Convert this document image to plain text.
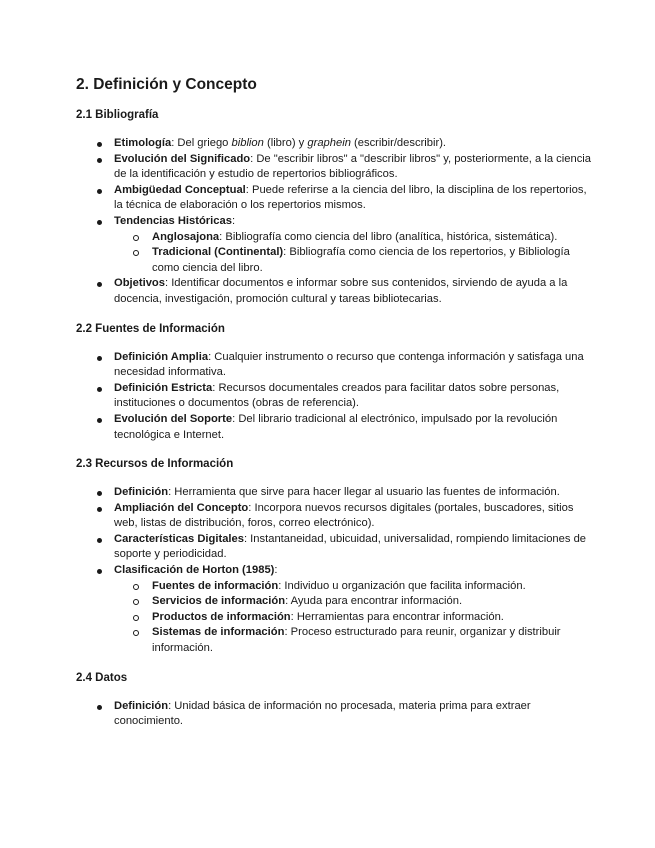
2. Definición y Concepto
2.1 Bibliografía
Etimología: Del griego biblion (libro) y graphein (escribir/describir).
Evolución del Significado: De "escribir libros" a "describir libros" y, posteriormente, a la ciencia de la identificación y estudio de repertorios bibliográficos.
Ambigüedad Conceptual: Puede referirse a la ciencia del libro, la disciplina de los repertorios, la técnica de elaboración o los repertorios mismos.
Tendencias Históricas:
Anglosajona: Bibliografía como ciencia del libro (analítica, histórica, sistemática).
Tradicional (Continental): Bibliografía como ciencia de los repertorios, y Bibliología como ciencia del libro.
Objetivos: Identificar documentos e informar sobre sus contenidos, sirviendo de ayuda a la docencia, investigación, promoción cultural y tareas bibliotecarias.
2.2 Fuentes de Información
Definición Amplia: Cualquier instrumento o recurso que contenga información y satisfaga una necesidad informativa.
Definición Estricta: Recursos documentales creados para facilitar datos sobre personas, instituciones o documentos (obras de referencia).
Evolución del Soporte: Del librario tradicional al electrónico, impulsado por la revolución tecnológica e Internet.
2.3 Recursos de Información
Definición: Herramienta que sirve para hacer llegar al usuario las fuentes de información.
Ampliación del Concepto: Incorpora nuevos recursos digitales (portales, buscadores, sitios web, listas de distribución, foros, correo electrónico).
Características Digitales: Instantaneidad, ubicuidad, universalidad, rompiendo limitaciones de soporte y periodicidad.
Clasificación de Horton (1985):
Fuentes de información: Individuo u organización que facilita información.
Servicios de información: Ayuda para encontrar información.
Productos de información: Herramientas para encontrar información.
Sistemas de información: Proceso estructurado para reunir, organizar y distribuir información.
2.4 Datos
Definición: Unidad básica de información no procesada, materia prima para extraer conocimiento.
